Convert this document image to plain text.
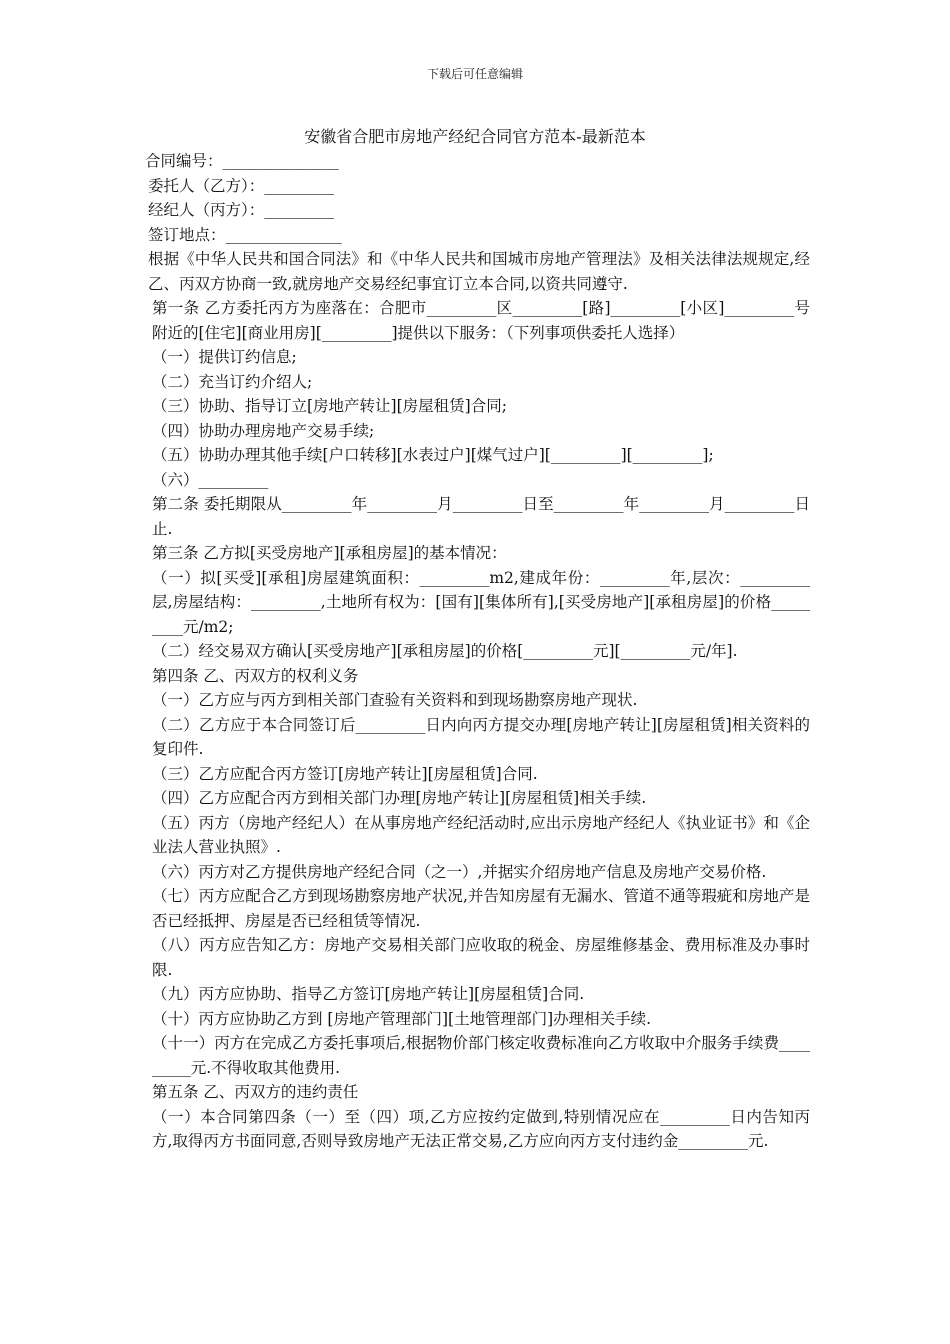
下载后可任意编辑
安徽省合肥市房地产经纪合同官方范本-最新范本

合同编号：_______________

委托人（乙方）：_________

经纪人（丙方）：_________

签订地点：_______________

根据《中华人民共和国合同法》和《中华人民共和国城市房地产管理法》及相关法律法规规定,经乙、丙双方协商一致,就房地产交易经纪事宜订立本合同,以资共同遵守.

第一条 乙方委托丙方为座落在：合肥市_________区_________[路]_________[小区]_________号附近的[住宅][商业用房][_________]提供以下服务：（下列事项供委托人选择）

（一）提供订约信息;

（二）充当订约介绍人;

（三）协助、指导订立[房地产转让][房屋租赁]合同;

（四）协助办理房地产交易手续;

（五）协助办理其他手续[户口转移][水表过户][煤气过户][_________][_________];

（六）_________

第二条 委托期限从_________年_________月_________日至_________年_________月_________日止.

第三条 乙方拟[买受房地产][承租房屋]的基本情况：

（一）拟[买受][承租]房屋建筑面积：_________m2,建成年份：_________年,层次：_________层,房屋结构：_________,土地所有权为：[国有][集体所有],[买受房地产][承租房屋]的价格_________元/m2;

（二）经交易双方确认[买受房地产][承租房屋]的价格[_________元][_________元/年].

第四条 乙、丙双方的权利义务

（一）乙方应与丙方到相关部门查验有关资料和到现场勘察房地产现状.

（二）乙方应于本合同签订后_________日内向丙方提交办理[房地产转让][房屋租赁]相关资料的复印件.

（三）乙方应配合丙方签订[房地产转让][房屋租赁]合同.

（四）乙方应配合丙方到相关部门办理[房地产转让][房屋租赁]相关手续.

（五）丙方（房地产经纪人）在从事房地产经纪活动时,应出示房地产经纪人《执业证书》和《企业法人营业执照》.

（六）丙方对乙方提供房地产经纪合同（之一）,并据实介绍房地产信息及房地产交易价格.

（七）丙方应配合乙方到现场勘察房地产状况,并告知房屋有无漏水、管道不通等瑕疵和房地产是否已经抵押、房屋是否已经租赁等情况.

（八）丙方应告知乙方：房地产交易相关部门应收取的税金、房屋维修基金、费用标准及办事时限.

（九）丙方应协助、指导乙方签订[房地产转让][房屋租赁]合同.

（十）丙方应协助乙方到 [房地产管理部门][土地管理部门]办理相关手续.

（十一）丙方在完成乙方委托事项后,根据物价部门核定收费标准向乙方收取中介服务手续费_________元.不得收取其他费用.

第五条 乙、丙双方的违约责任

（一）本合同第四条（一）至（四）项,乙方应按约定做到,特别情况应在_________日内告知丙方,取得丙方书面同意,否则导致房地产无法正常交易,乙方应向丙方支付违约金_________元.
